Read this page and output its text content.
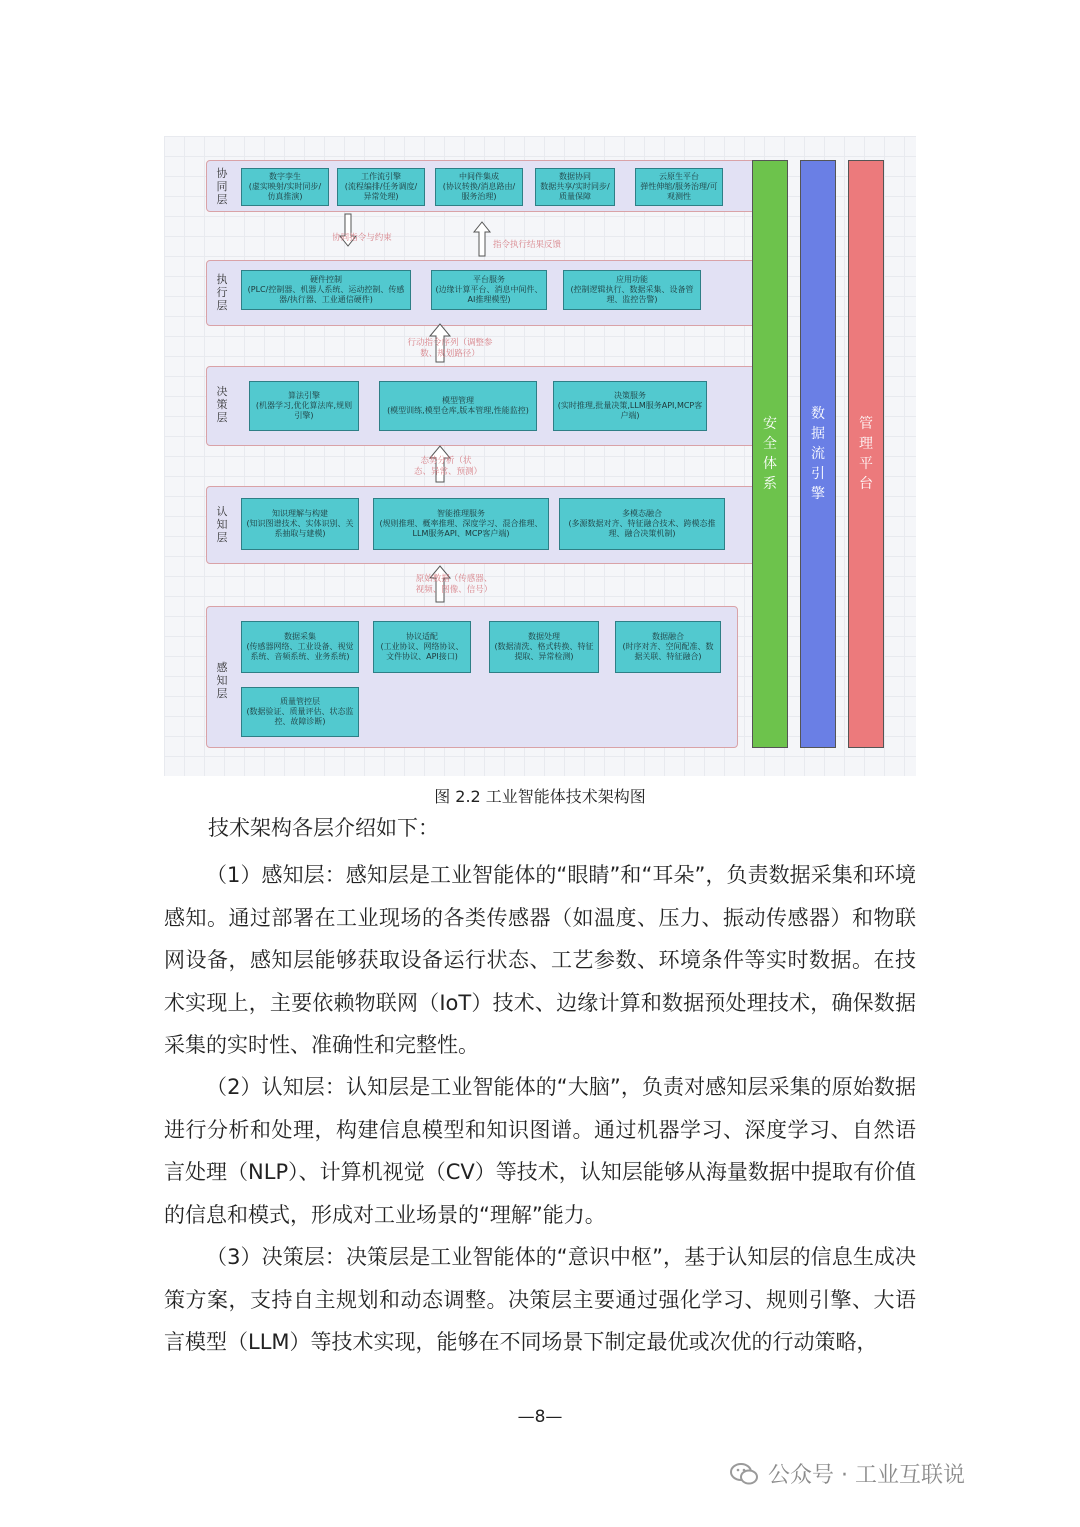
协同层
数字孪生
(虚实映射/实时同步/仿真推演)
工作流引擎
(流程编排/任务调度/异常处理)
中间件集成
(协议转换/消息路由/服务治理)
数据协同
数据共享/实时同步/质量保障
云原生平台
弹性伸缩/服务治理/可观测性
执行层
硬件控制
(PLC/控制器、机器人系统、运动控制、传感器/执行器、工业通信硬件)
平台服务
(边缘计算平台、消息中间件、AI推理模型)
应用功能
(控制逻辑执行、数据采集、设备管理、监控告警)
决策层
算法引擎
(机器学习,优化算法库,规则引擎)
模型管理
(模型训练,模型仓库,版本管理,性能监控)
决策服务
(实时推理,批量决策,LLM服务API,MCP客户端)
认知层
知识理解与构建
(知识图谱技术、实体识别、关系抽取与建模)
智能推理服务
(规则推理、概率推理、深度学习、混合推理、LLM服务API、MCP客户端)
多模态融合
(多源数据对齐、特征融合技术、跨模态推理、融合决策机制)
感知层
数据采集
(传感器网络、工业设备、视觉系统、音频系统、业务系统)
协议适配
(工业协议、网络协议、文件协议、API接口)
数据处理
(数据清洗、格式转换、特征提取、异常检测)
数据融合
(时序对齐、空间配准、数据关联、特征融合)
质量管控层
(数据验证、质量评估、状态监控、故障诊断)
协同指令与约束
指令执行结果反馈
行动指令序列（调整参数、规划路径）
态势分析（状态、异常、预测）
原始数据（传感器、视频、图像、信号）
安全体系
数据流引擎
管理平台
图 2.2 工业智能体技术架构图
技术架构各层介绍如下：
（1）感知层：感知层是工业智能体的“眼睛”和“耳朵”，负责数据采集和环境感知。通过部署在工业现场的各类传感器（如温度、压力、振动传感器）和物联网设备，感知层能够获取设备运行状态、工艺参数、环境条件等实时数据。在技术实现上，主要依赖物联网（IoT）技术、边缘计算和数据预处理技术，确保数据采集的实时性、准确性和完整性。
（2）认知层：认知层是工业智能体的“大脑”，负责对感知层采集的原始数据进行分析和处理，构建信息模型和知识图谱。通过机器学习、深度学习、自然语言处理（NLP）、计算机视觉（CV）等技术，认知层能够从海量数据中提取有价值的信息和模式，形成对工业场景的“理解”能力。
（3）决策层：决策层是工业智能体的“意识中枢”，基于认知层的信息生成决策方案，支持自主规划和动态调整。决策层主要通过强化学习、规则引擎、大语言模型（LLM）等技术实现，能够在不同场景下制定最优或次优的行动策略，
—8—
公众号 · 工业互联说
